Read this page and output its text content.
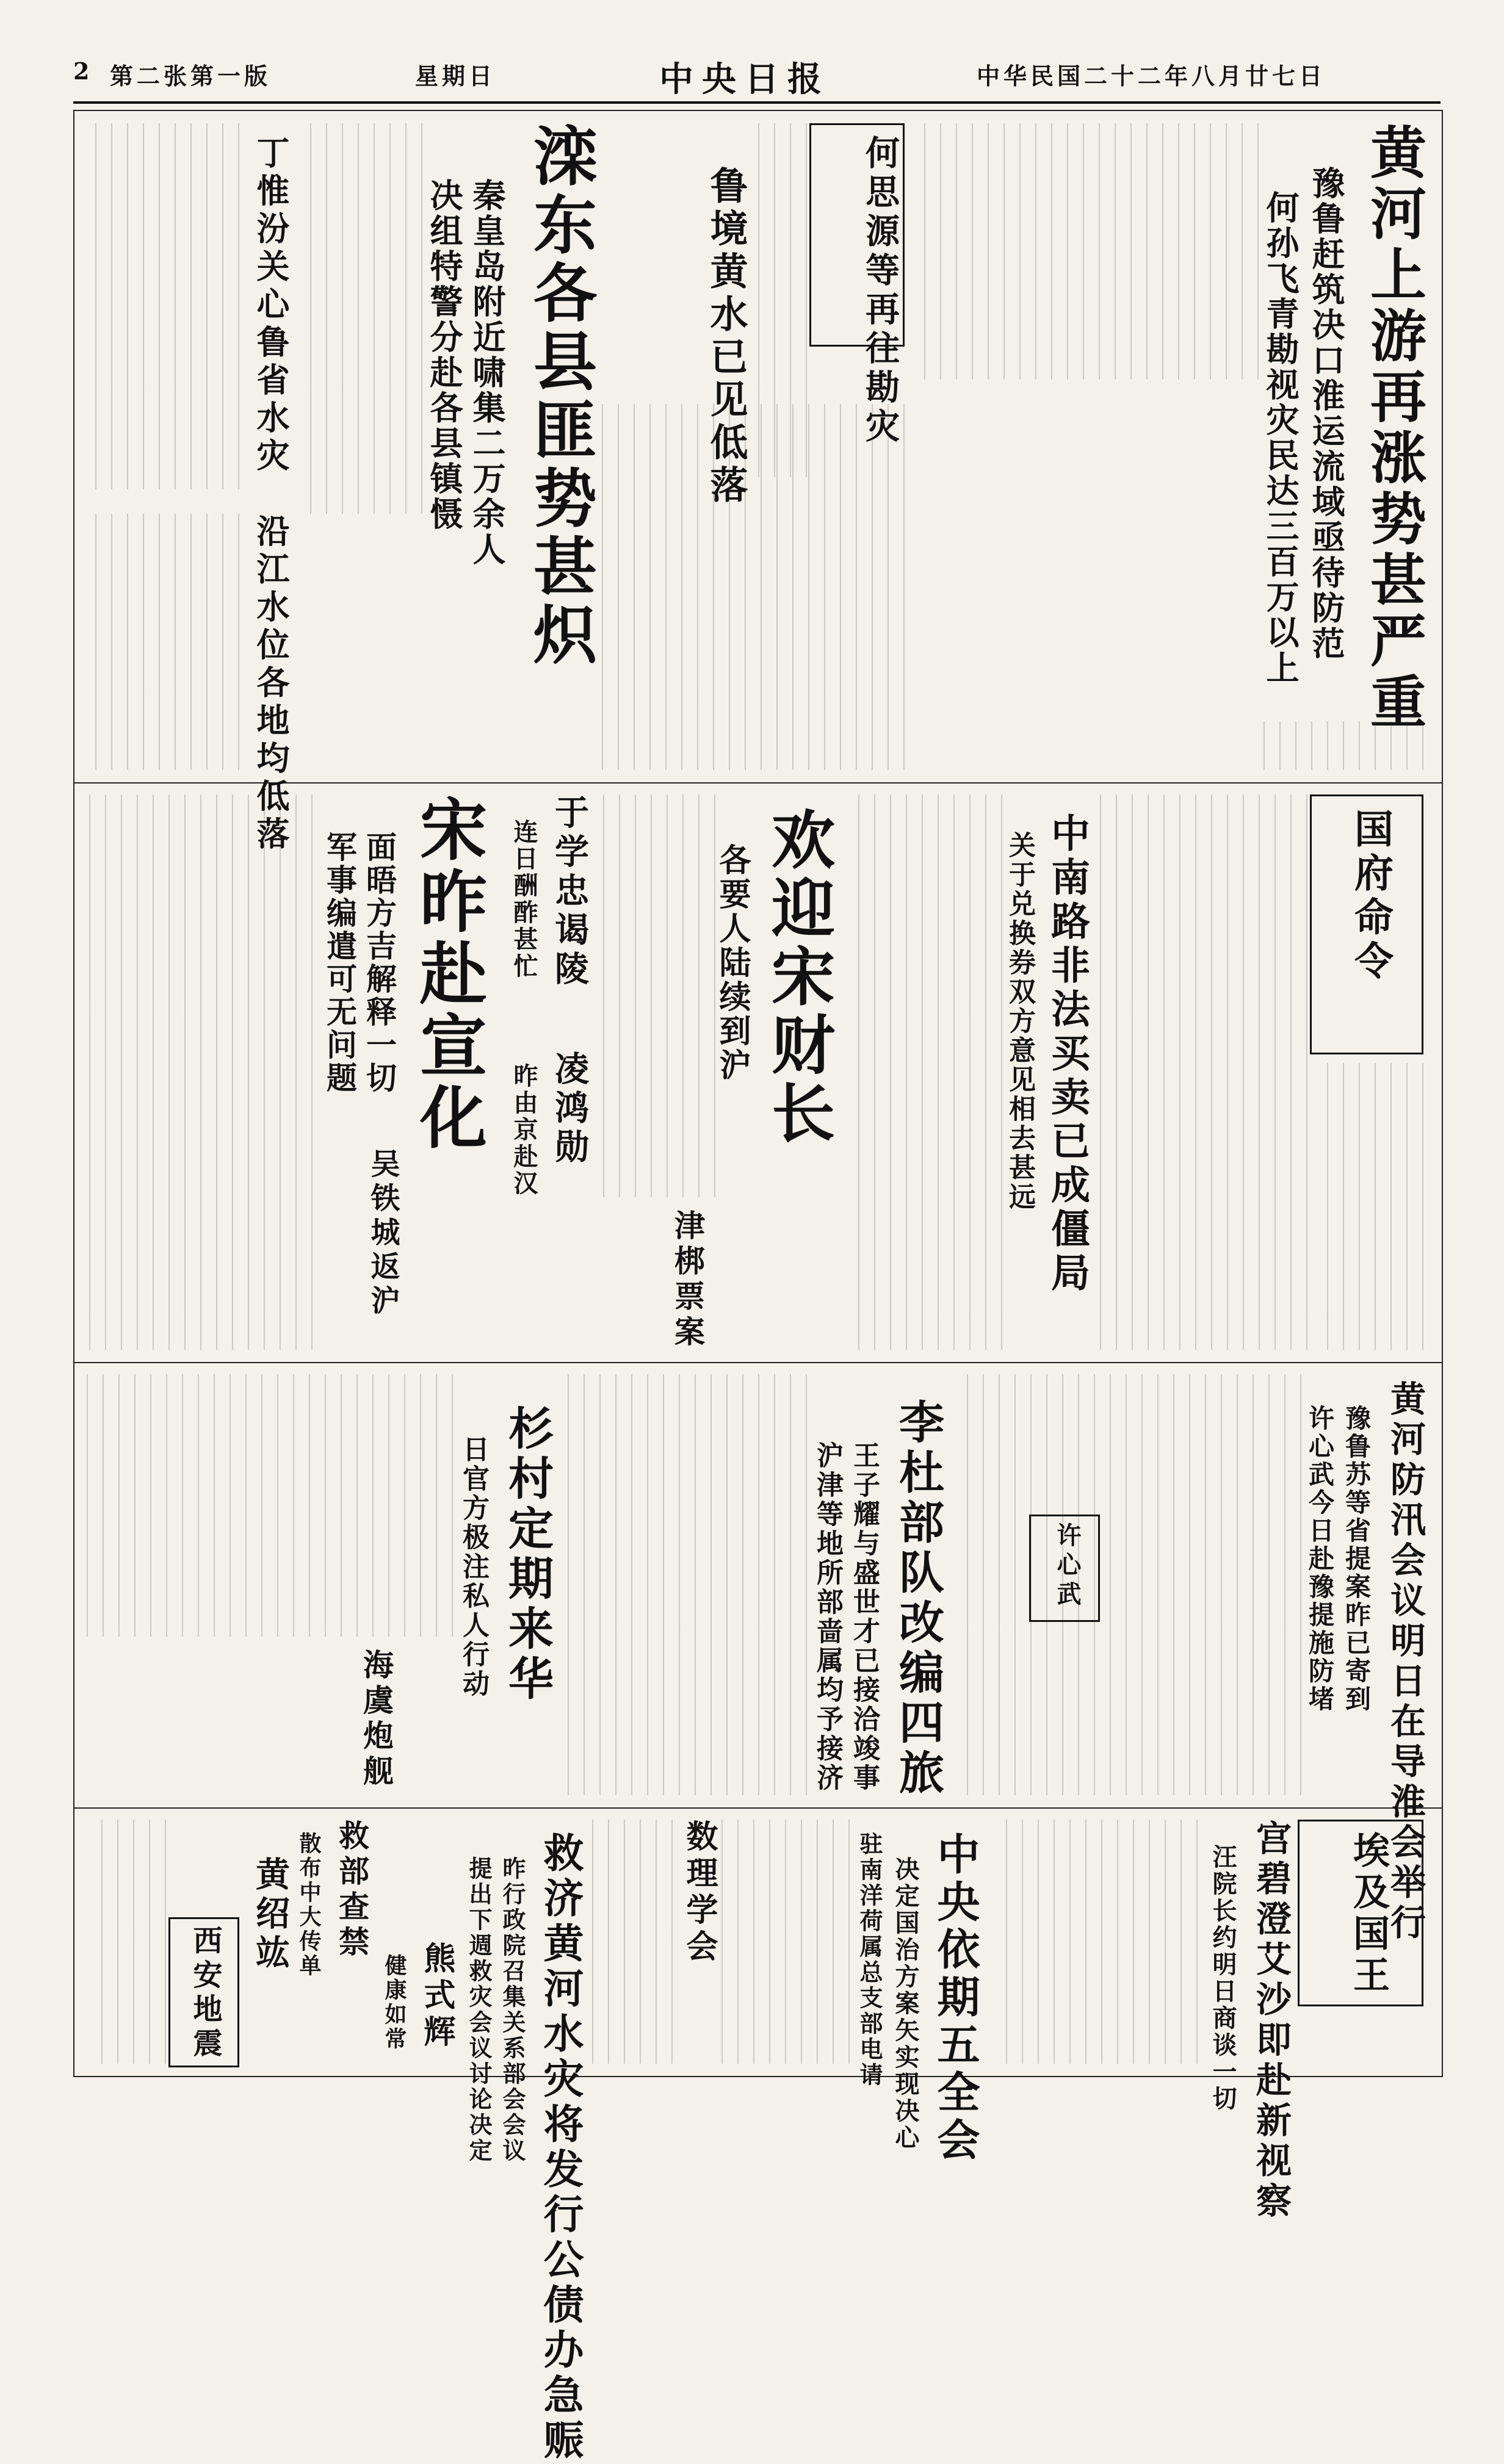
2 第二张第一版	星期日	中央日报	中华民国二十二年八月廿七日
黄河上游再涨势甚严重
豫鲁赶筑决口淮运流域亟待防范
何孙飞青勘视灾民达三百万以上
何思源等再往勘灾
鲁境黄水已见低落
滦东各县匪势甚炽
秦皇岛附近啸集二万余人
决组特警分赴各县镇慑
丁惟汾关心鲁省水灾
沿江水位各地均低落
国府命令
中南路非法买卖已成僵局
关于兑换券双方意见相去甚远
欢迎宋财长
各要人陆续到沪
津梆票案
于学忠谒陵
连日酬酢甚忙
凌鸿勋
昨由京赴汉
宋昨赴宣化
面晤方吉解释一切
军事编遣可无问题
吴铁城返沪
黄河防汛会议明日在导淮会举行
豫鲁苏等省提案昨已寄到
许心武今日赴豫提施防堵
许心武
李杜部队改编四旅
王子耀与盛世才已接洽竣事
沪津等地所部啬属均予接济
杉村定期来华
日官方极注私人行动
海虞炮舰
埃及国王
宫碧澄艾沙即赴新视察
汪院长约明日商谈一切
中央依期五全会
决定国治方案矢实现决心
驻南洋荷属总支部电请
数理学会
救济黄河水灾将发行公债办急赈
昨行政院召集关系部会会议
提出下週救灾会议讨论决定
熊式辉
健康如常
救部查禁
散布中大传单
黄绍竑
西安地震
